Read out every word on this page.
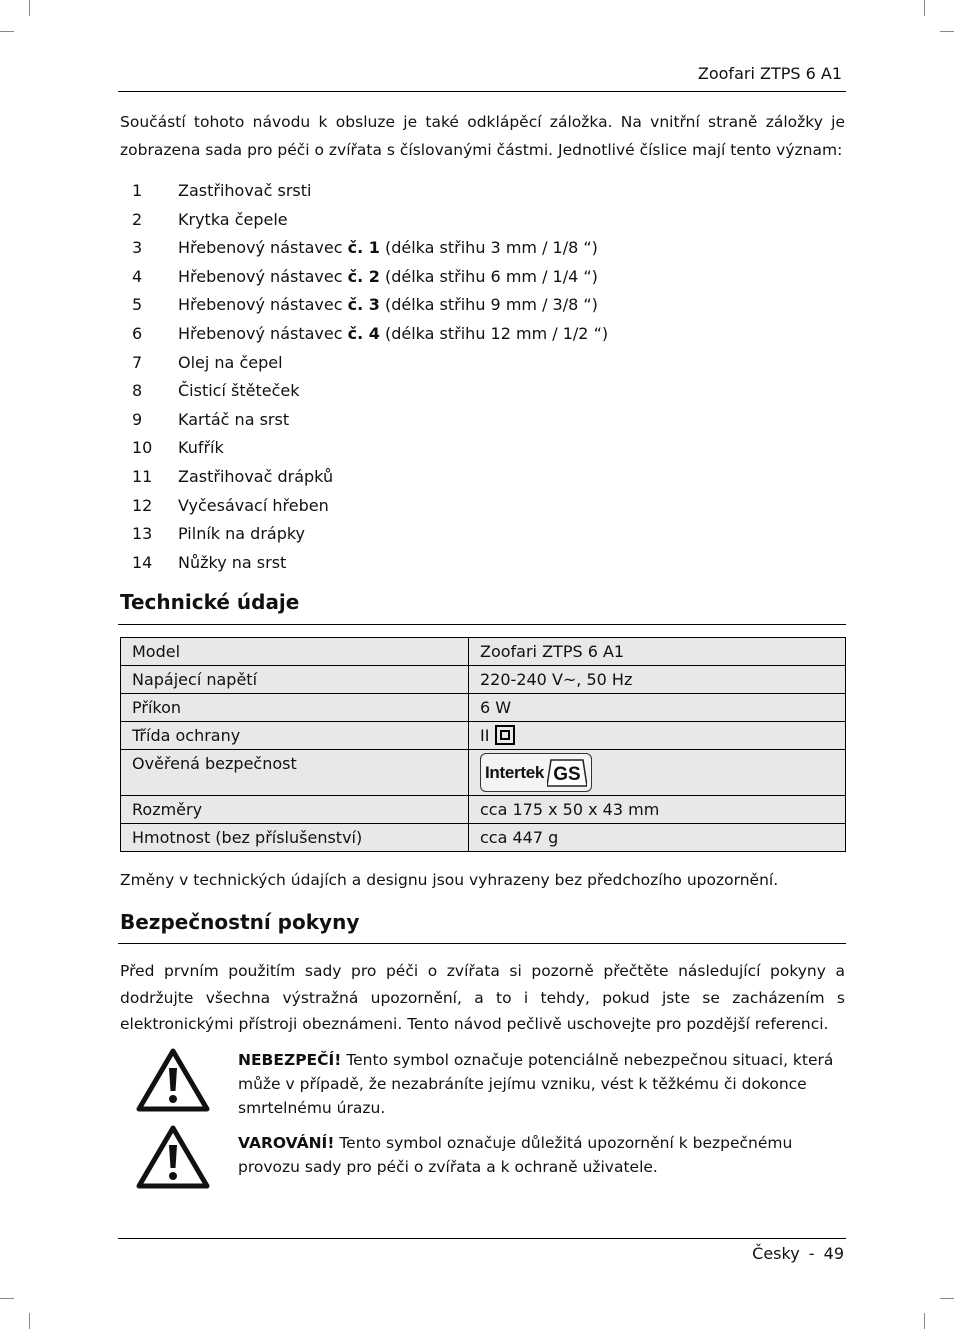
Zoofari ZTPS 6 A1

Součástí tohoto návodu k obsluze je také odklápěcí záložka. Na vnitřní straně záložky je zobrazena sada pro péči o zvířata s číslovanými částmi. Jednotlivé číslice mají tento význam:

1 Zastřihovač srsti
2 Krytka čepele
3 Hřebenový nástavec č. 1 (délka střihu 3 mm / 1/8 “)
4 Hřebenový nástavec č. 2 (délka střihu 6 mm / 1/4 “)
5 Hřebenový nástavec č. 3 (délka střihu 9 mm / 3/8 “)
6 Hřebenový nástavec č. 4 (délka střihu 12 mm / 1/2 “)
7 Olej na čepel
8 Čisticí štěteček
9 Kartáč na srst
10 Kufřík
11 Zastřihovač drápků
12 Vyčesávací hřeben
13 Pilník na drápky
14 Nůžky na srst
Technické údaje
Model	Zoofari ZTPS 6 A1
Napájecí napětí	220-240 V~, 50 Hz
Příkon	6 W
Třída ochrany	II
Ověřená bezpečnost	Intertek GS

Rozměry	cca 175 x 50 x 43 mm
Hmotnost (bez příslušenství)	cca 447 g

Změny v technických údajích a designu jsou vyhrazeny bez předchozího upozornění.

Bezpečnostní pokyny

Před prvním použitím sady pro péči o zvířata si pozorně přečtěte následující pokyny a dodržujte všechna výstražná upozornění, a to i tehdy, pokud jste se zacházením s elektronickými přístroji obeznámeni. Tento návod pečlivě uschovejte pro pozdější referenci.

NEBEZPEČÍ! Tento symbol označuje potenciálně nebezpečnou situaci, která může v případě, že nezabráníte jejímu vzniku, vést k těžkému či dokonce smrtelnému úrazu.
VAROVÁNÍ! Tento symbol označuje důležitá upozornění k bezpečnému provozu sady pro péči o zvířata a k ochraně uživatele.
Česky - 49
